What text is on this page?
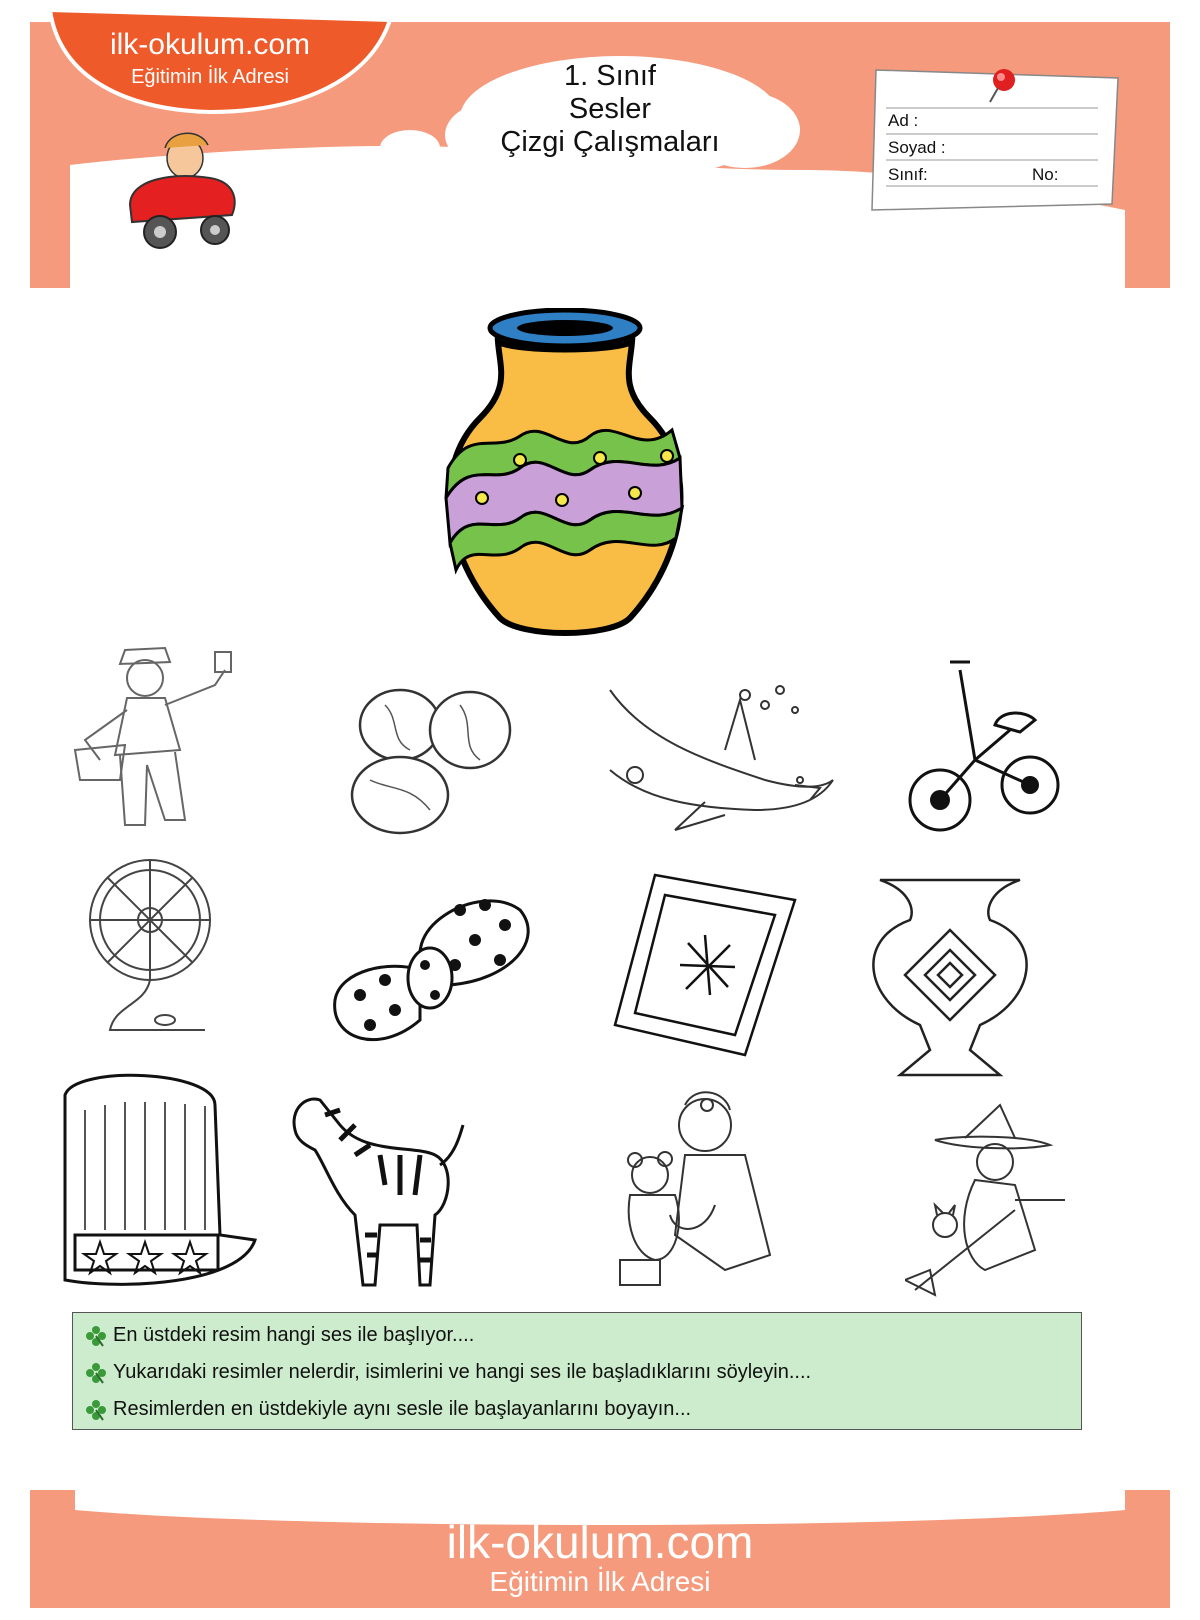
ilk-okulum.com
Eğitimin İlk Adresi	1. Sınıf
Sesler
Çizgi Çalışmaları
Ad :
Soyad :
Sınıf:	No:
En üstdeki resim hangi ses ile başlıyor....
Yukarıdaki resimler nelerdir, isimlerini ve hangi ses ile başladıklarını söyleyin....
Resimlerden en üstdekiyle aynı sesle ile başlayanlarını boyayın...
ilk-okulum.com
Eğitimin İlk Adresi
